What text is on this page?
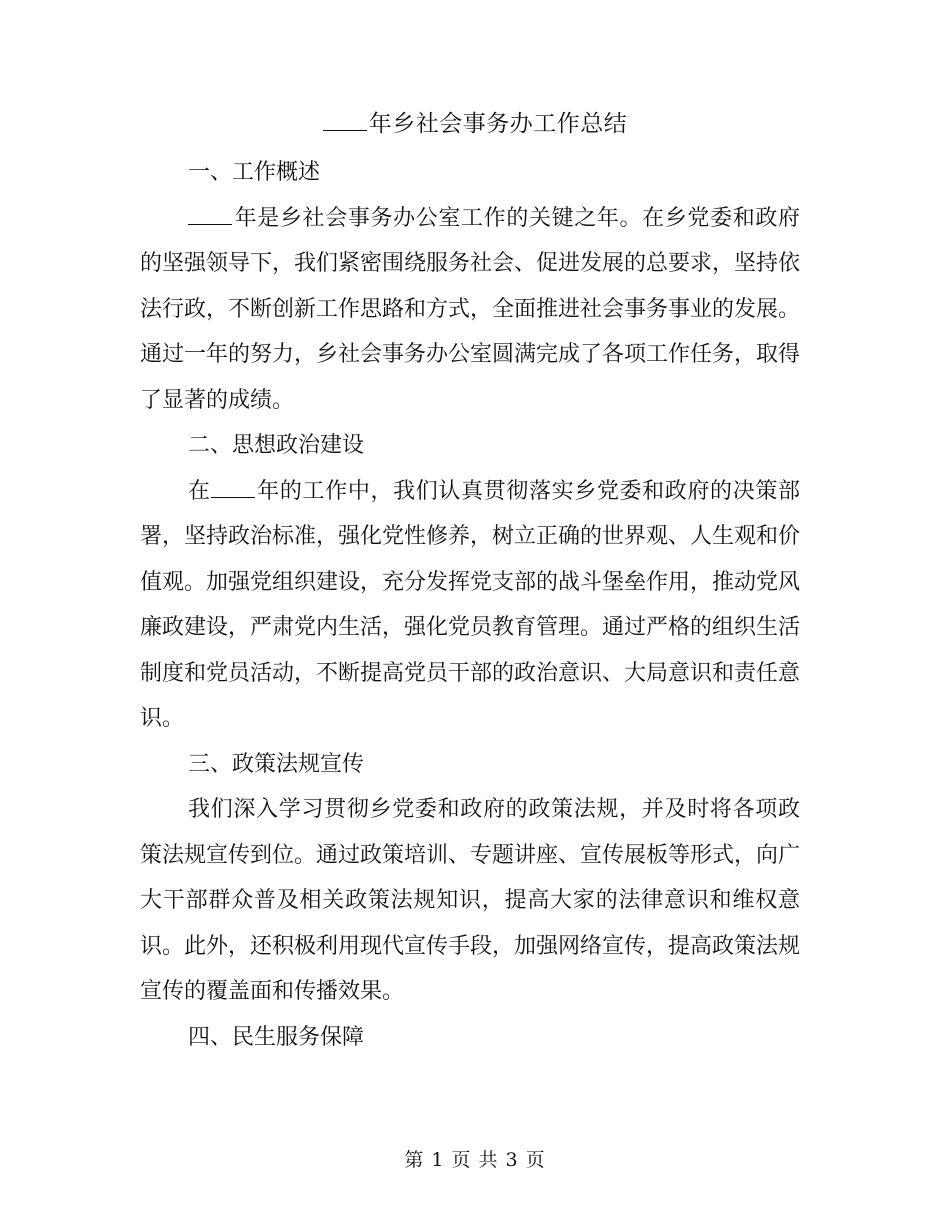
年乡社会事务办工作总结

一、工作概述

年是乡社会事务办公室工作的关键之年。在乡党委和政府的坚强领导下，我们紧密围绕服务社会、促进发展的总要求，坚持依法行政，不断创新工作思路和方式，全面推进社会事务事业的发展。通过一年的努力，乡社会事务办公室圆满完成了各项工作任务，取得了显著的成绩。

二、思想政治建设

在 年的工作中，我们认真贯彻落实乡党委和政府的决策部署，坚持政治标准，强化党性修养，树立正确的世界观、人生观和价值观。加强党组织建设，充分发挥党支部的战斗堡垒作用，推动党风廉政建设，严肃党内生活，强化党员教育管理。通过严格的组织生活制度和党员活动，不断提高党员干部的政治意识、大局意识和责任意识。

三、政策法规宣传

我们深入学习贯彻乡党委和政府的政策法规，并及时将各项政策法规宣传到位。通过政策培训、专题讲座、宣传展板等形式，向广大干部群众普及相关政策法规知识，提高大家的法律意识和维权意识。此外，还积极利用现代宣传手段，加强网络宣传，提高政策法规宣传的覆盖面和传播效果。

四、民生服务保障

第 1 页 共 3 页
